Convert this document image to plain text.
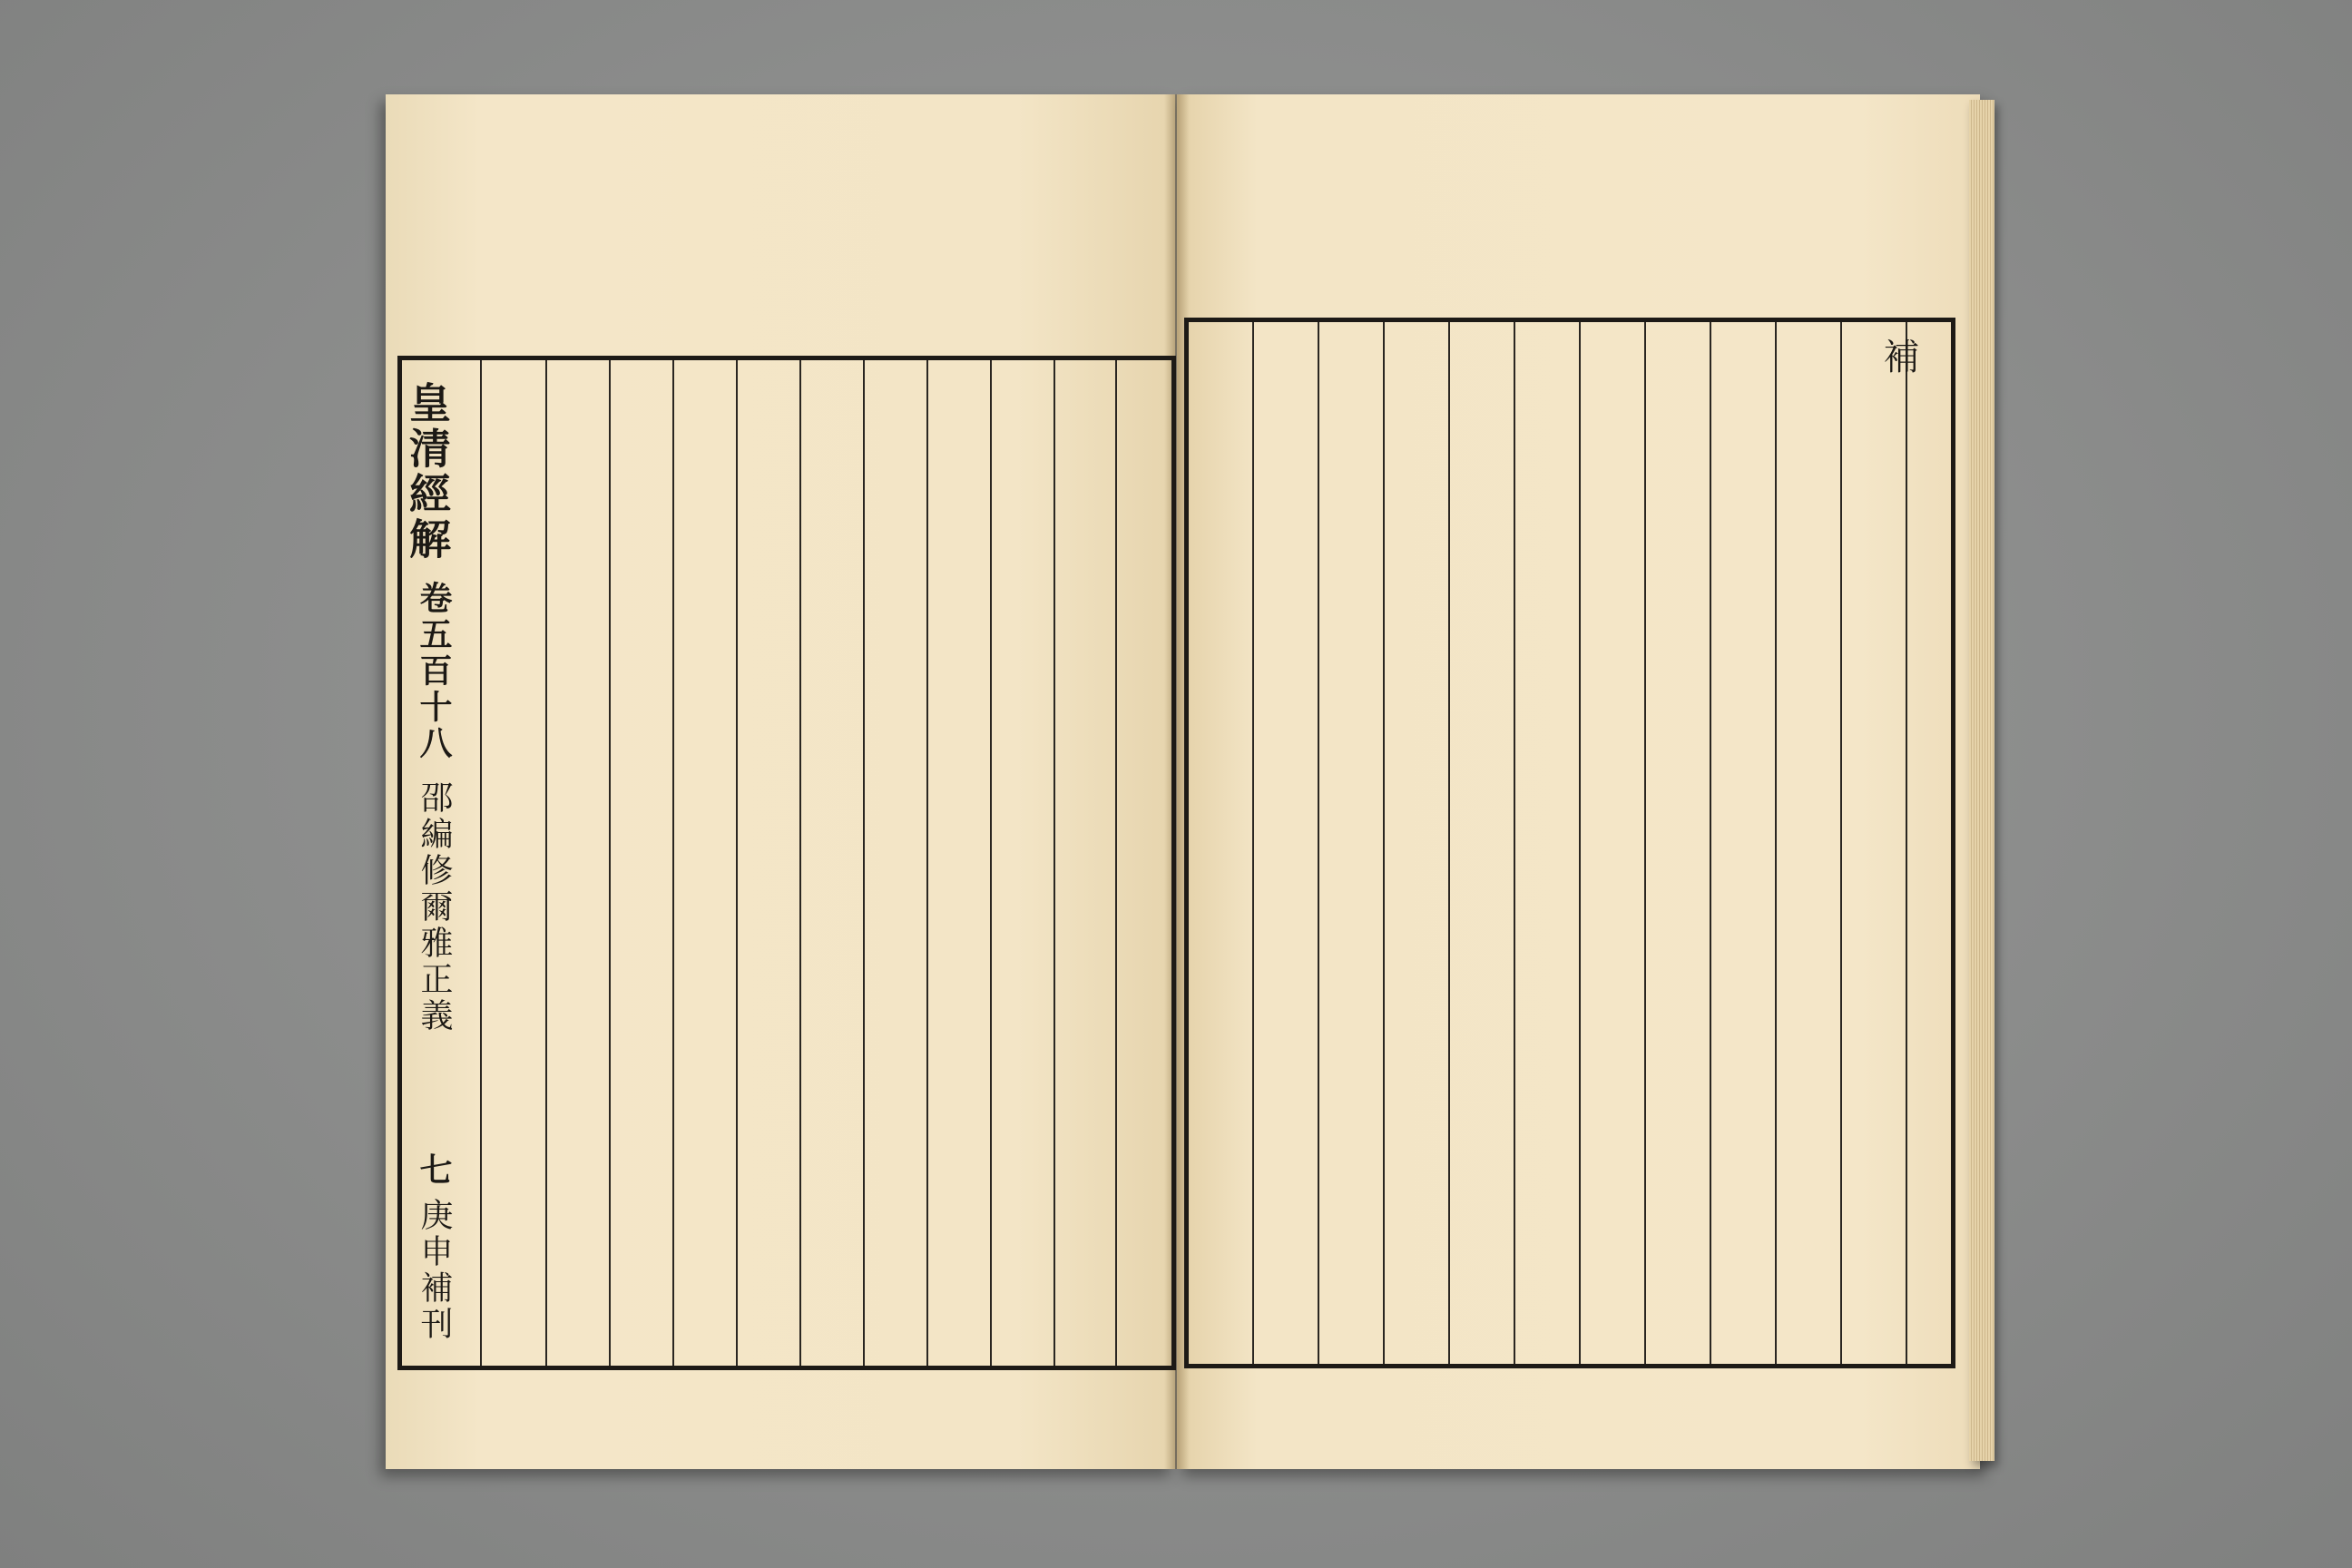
皇清經解
卷五百十八
邵編修爾雅正義
七
庚申補刊
補
